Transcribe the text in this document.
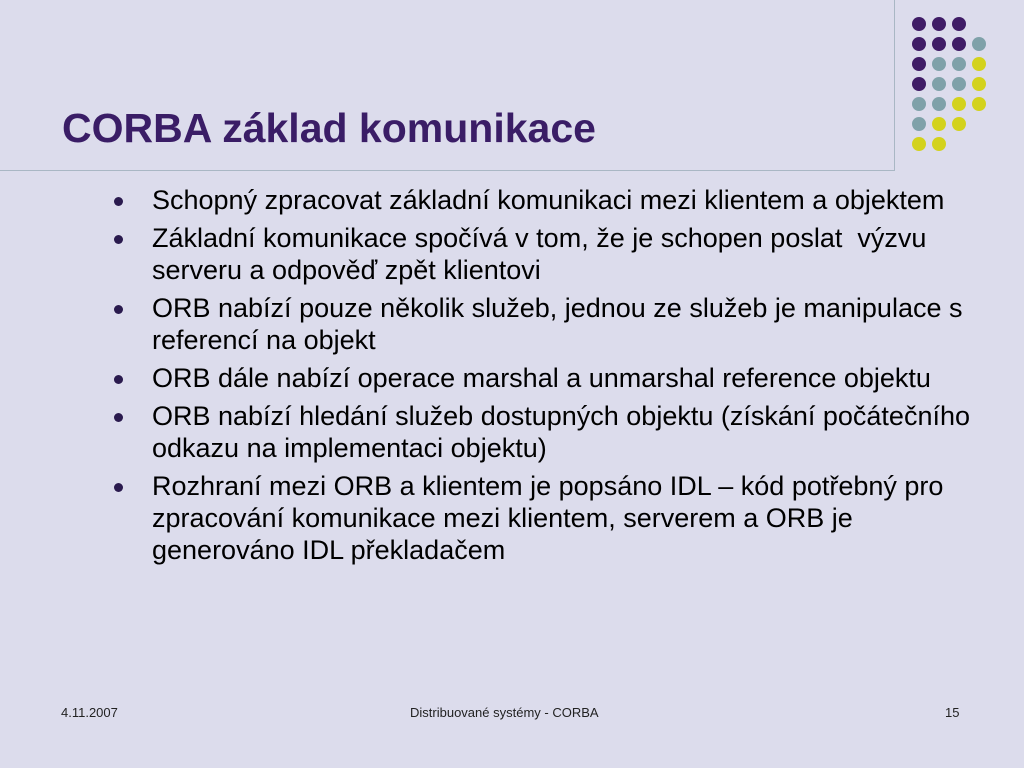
CORBA základ komunikace
Schopný zpracovat základní komunikaci mezi klientem a objektem
Základní komunikace spočívá v tom, že je schopen poslat  výzvu serveru a odpověď zpět klientovi
ORB nabízí pouze několik služeb, jednou ze služeb je manipulace s referencí na objekt
ORB dále nabízí operace marshal a unmarshal reference objektu
ORB nabízí hledání služeb dostupných objektu (získání počátečního odkazu na implementaci objektu)
Rozhraní mezi ORB a klientem je popsáno IDL – kód potřebný pro zpracování komunikace mezi klientem, serverem a ORB je generováno IDL překladačem
4.11.2007	Distribuované systémy - CORBA	15
